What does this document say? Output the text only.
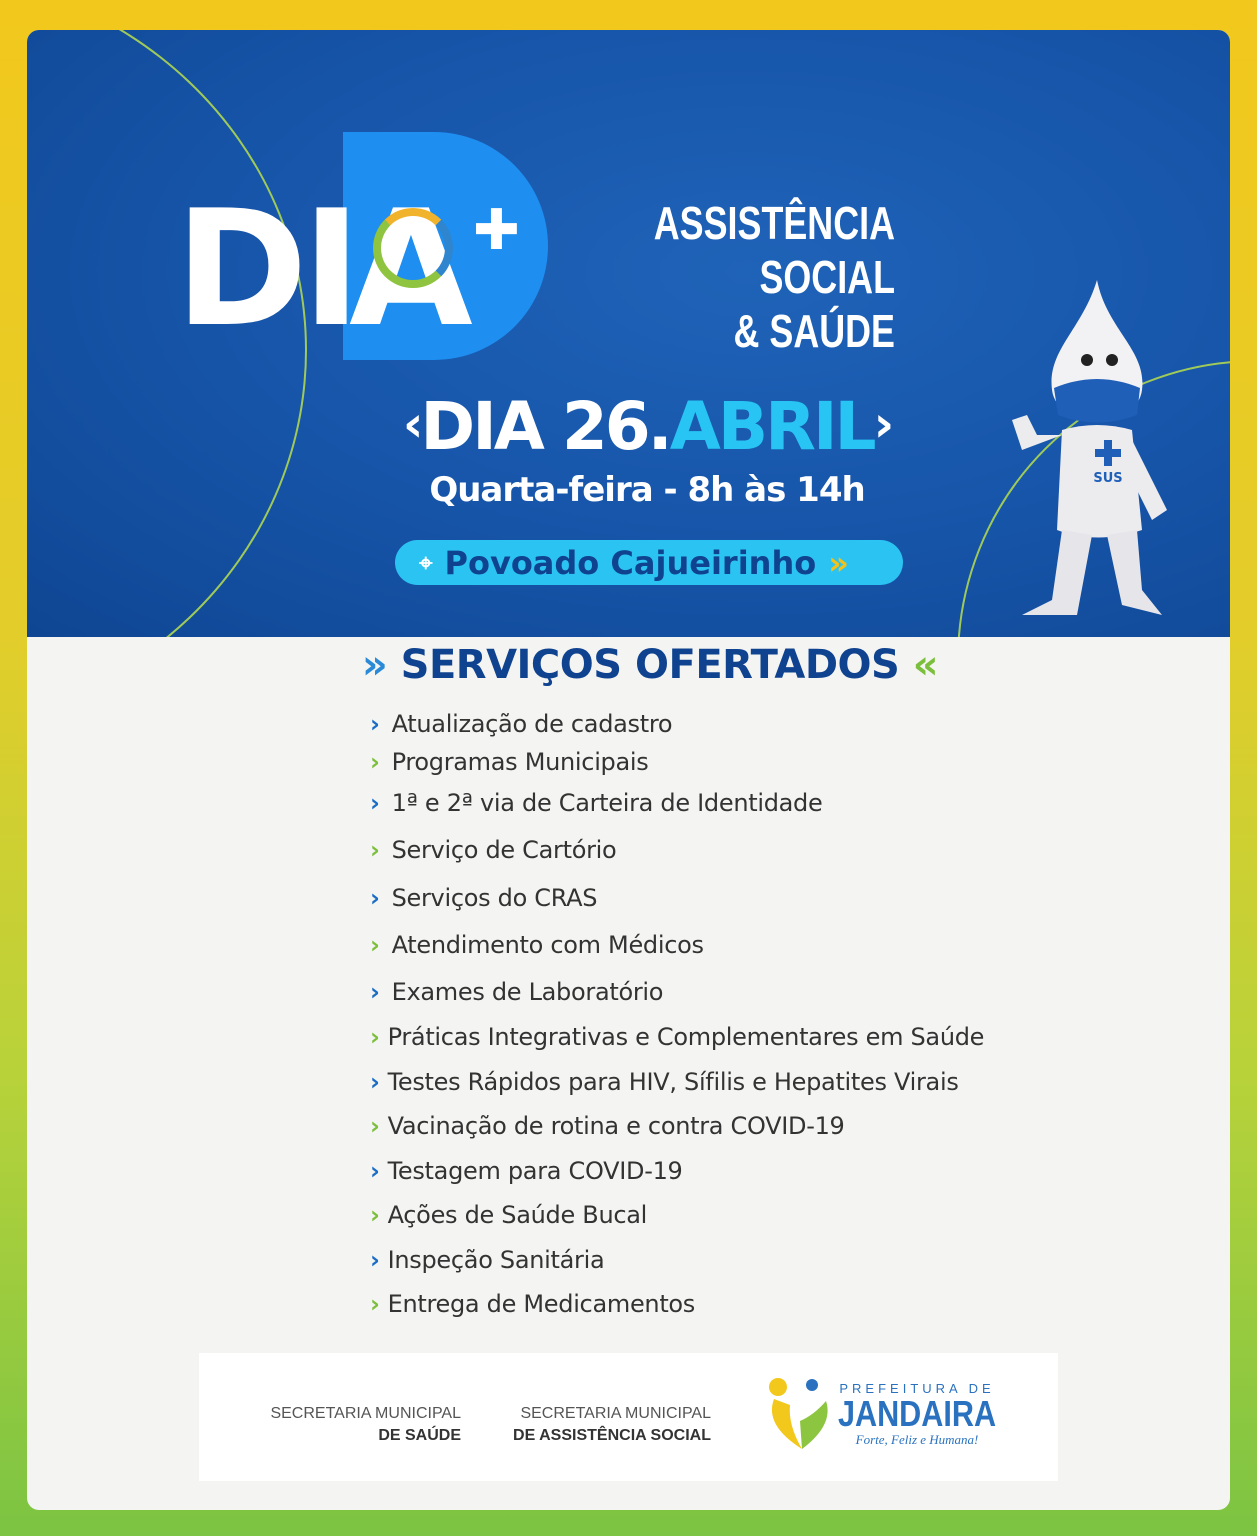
DI
A ✚	ASSISTÊNCIA SOCIAL
& SAÚDE
‹DIA 26.ABRIL›
Quarta-feira - 8h às 14h
⌖ Povoado Cajueirinho »
SUS
» SERVIÇOS OFERTADOS «
› Atualização de cadastro
› Programas Municipais
› 1ª e 2ª via de Carteira de Identidade
› Serviço de Cartório
› Serviços do CRAS
› Atendimento com Médicos
› Exames de Laboratório
› Práticas Integrativas e Complementares em Saúde
› Testes Rápidos para HIV, Sífilis e Hepatites Virais
› Vacinação de rotina e contra COVID-19
› Testagem para COVID-19
› Ações de Saúde Bucal
› Inspeção Sanitária
› Entrega de Medicamentos
SECRETARIA MUNICIPAL
DE SAÚDE
SECRETARIA MUNICIPAL
DE ASSISTÊNCIA SOCIAL
PREFEITURA DE
JANDAIRA
Forte, Feliz e Humana!
